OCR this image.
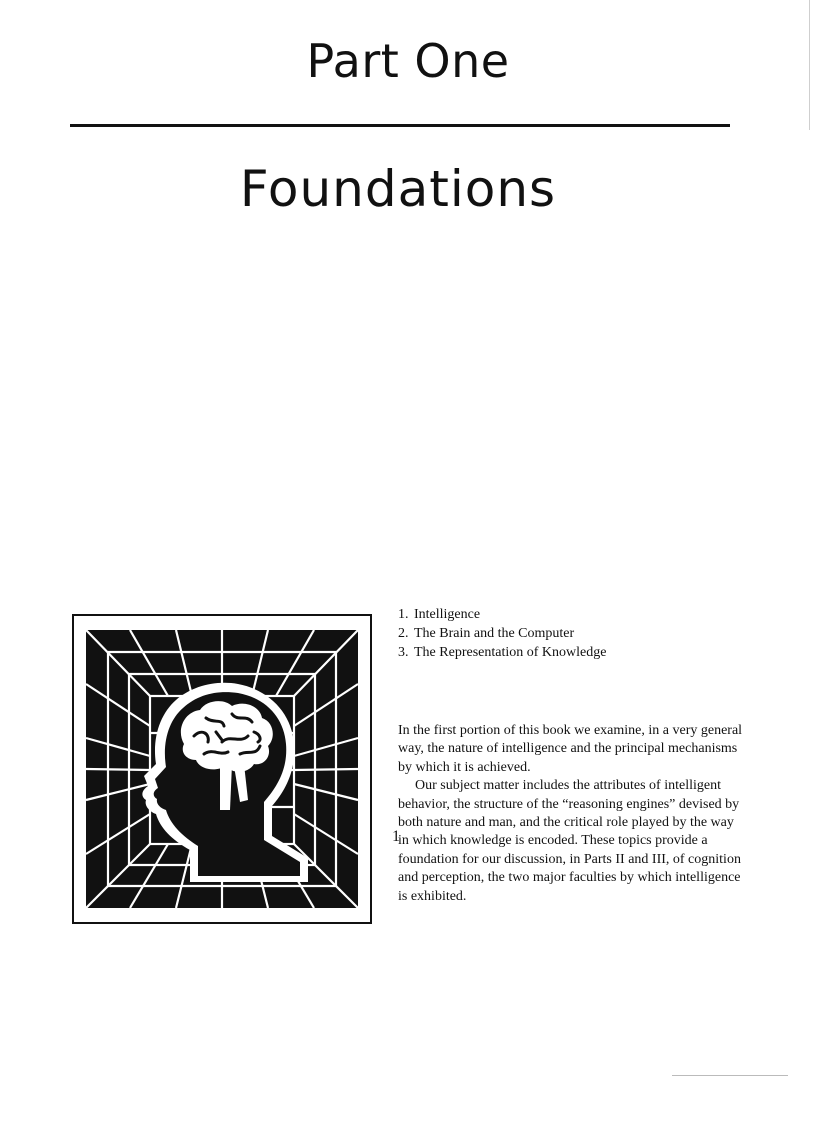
Part One
Foundations
1. Intelligence
2. The Brain and the Computer
3. The Representation of Knowledge

In the first portion of this book we examine, in a very general way, the nature of intelligence and the principal mechanisms by which it is achieved.

Our subject matter includes the attributes of intelligent behavior, the structure of the “reasoning engines” devised by both nature and man, and the critical role played by the way in which knowledge is encoded. These topics provide a foundation for our discussion, in Parts II and III, of cognition and perception, the two major faculties by which intelligence is exhibited.

1
